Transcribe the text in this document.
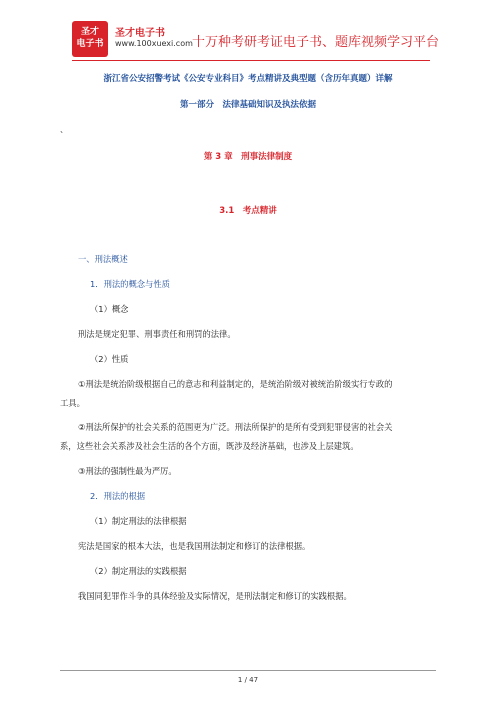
圣才
电子书
圣才电子书
www.100xuexi.com 十万种考研考证电子书、题库视频学习平台
浙江省公安招警考试《公安专业科目》考点精讲及典型题（含历年真题）详解
第一部分　法律基础知识及执法依据
、
第 3 章　刑事法律制度
3.1　考点精讲
一、刑法概述
1．刑法的概念与性质
（1）概念
刑法是规定犯罪、刑事责任和刑罚的法律。
（2）性质
①刑法是统治阶级根据自己的意志和利益制定的，是统治阶级对被统治阶级实行专政的
工具。
②刑法所保护的社会关系的范围更为广泛。刑法所保护的是所有受到犯罪侵害的社会关
系，这些社会关系涉及社会生活的各个方面，既涉及经济基础，也涉及上层建筑。
③刑法的强制性最为严厉。
2．刑法的根据
（1）制定刑法的法律根据
宪法是国家的根本大法，也是我国刑法制定和修订的法律根据。
（2）制定刑法的实践根据
我国同犯罪作斗争的具体经验及实际情况，是刑法制定和修订的实践根据。
1 / 47
